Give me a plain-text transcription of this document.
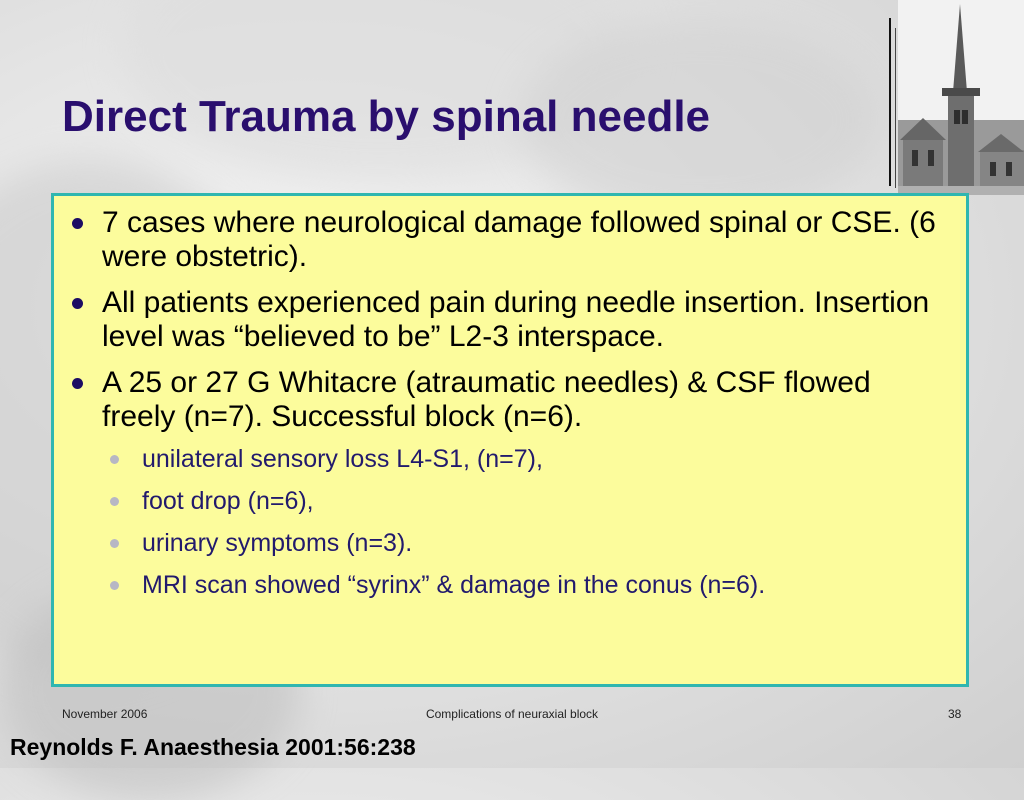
Direct Trauma by spinal needle
7 cases where neurological damage followed spinal or CSE. (6 were obstetric).
All patients experienced pain during needle insertion. Insertion level was “believed to be” L2-3 interspace.
A 25 or 27 G Whitacre (atraumatic needles) & CSF flowed freely (n=7). Successful block (n=6).
unilateral sensory loss L4-S1, (n=7),
foot drop (n=6),
urinary symptoms (n=3).
MRI scan showed “syrinx” & damage in the conus (n=6).
November 2006	Complications of neuraxial block	38
Reynolds F. Anaesthesia 2001:56:238
